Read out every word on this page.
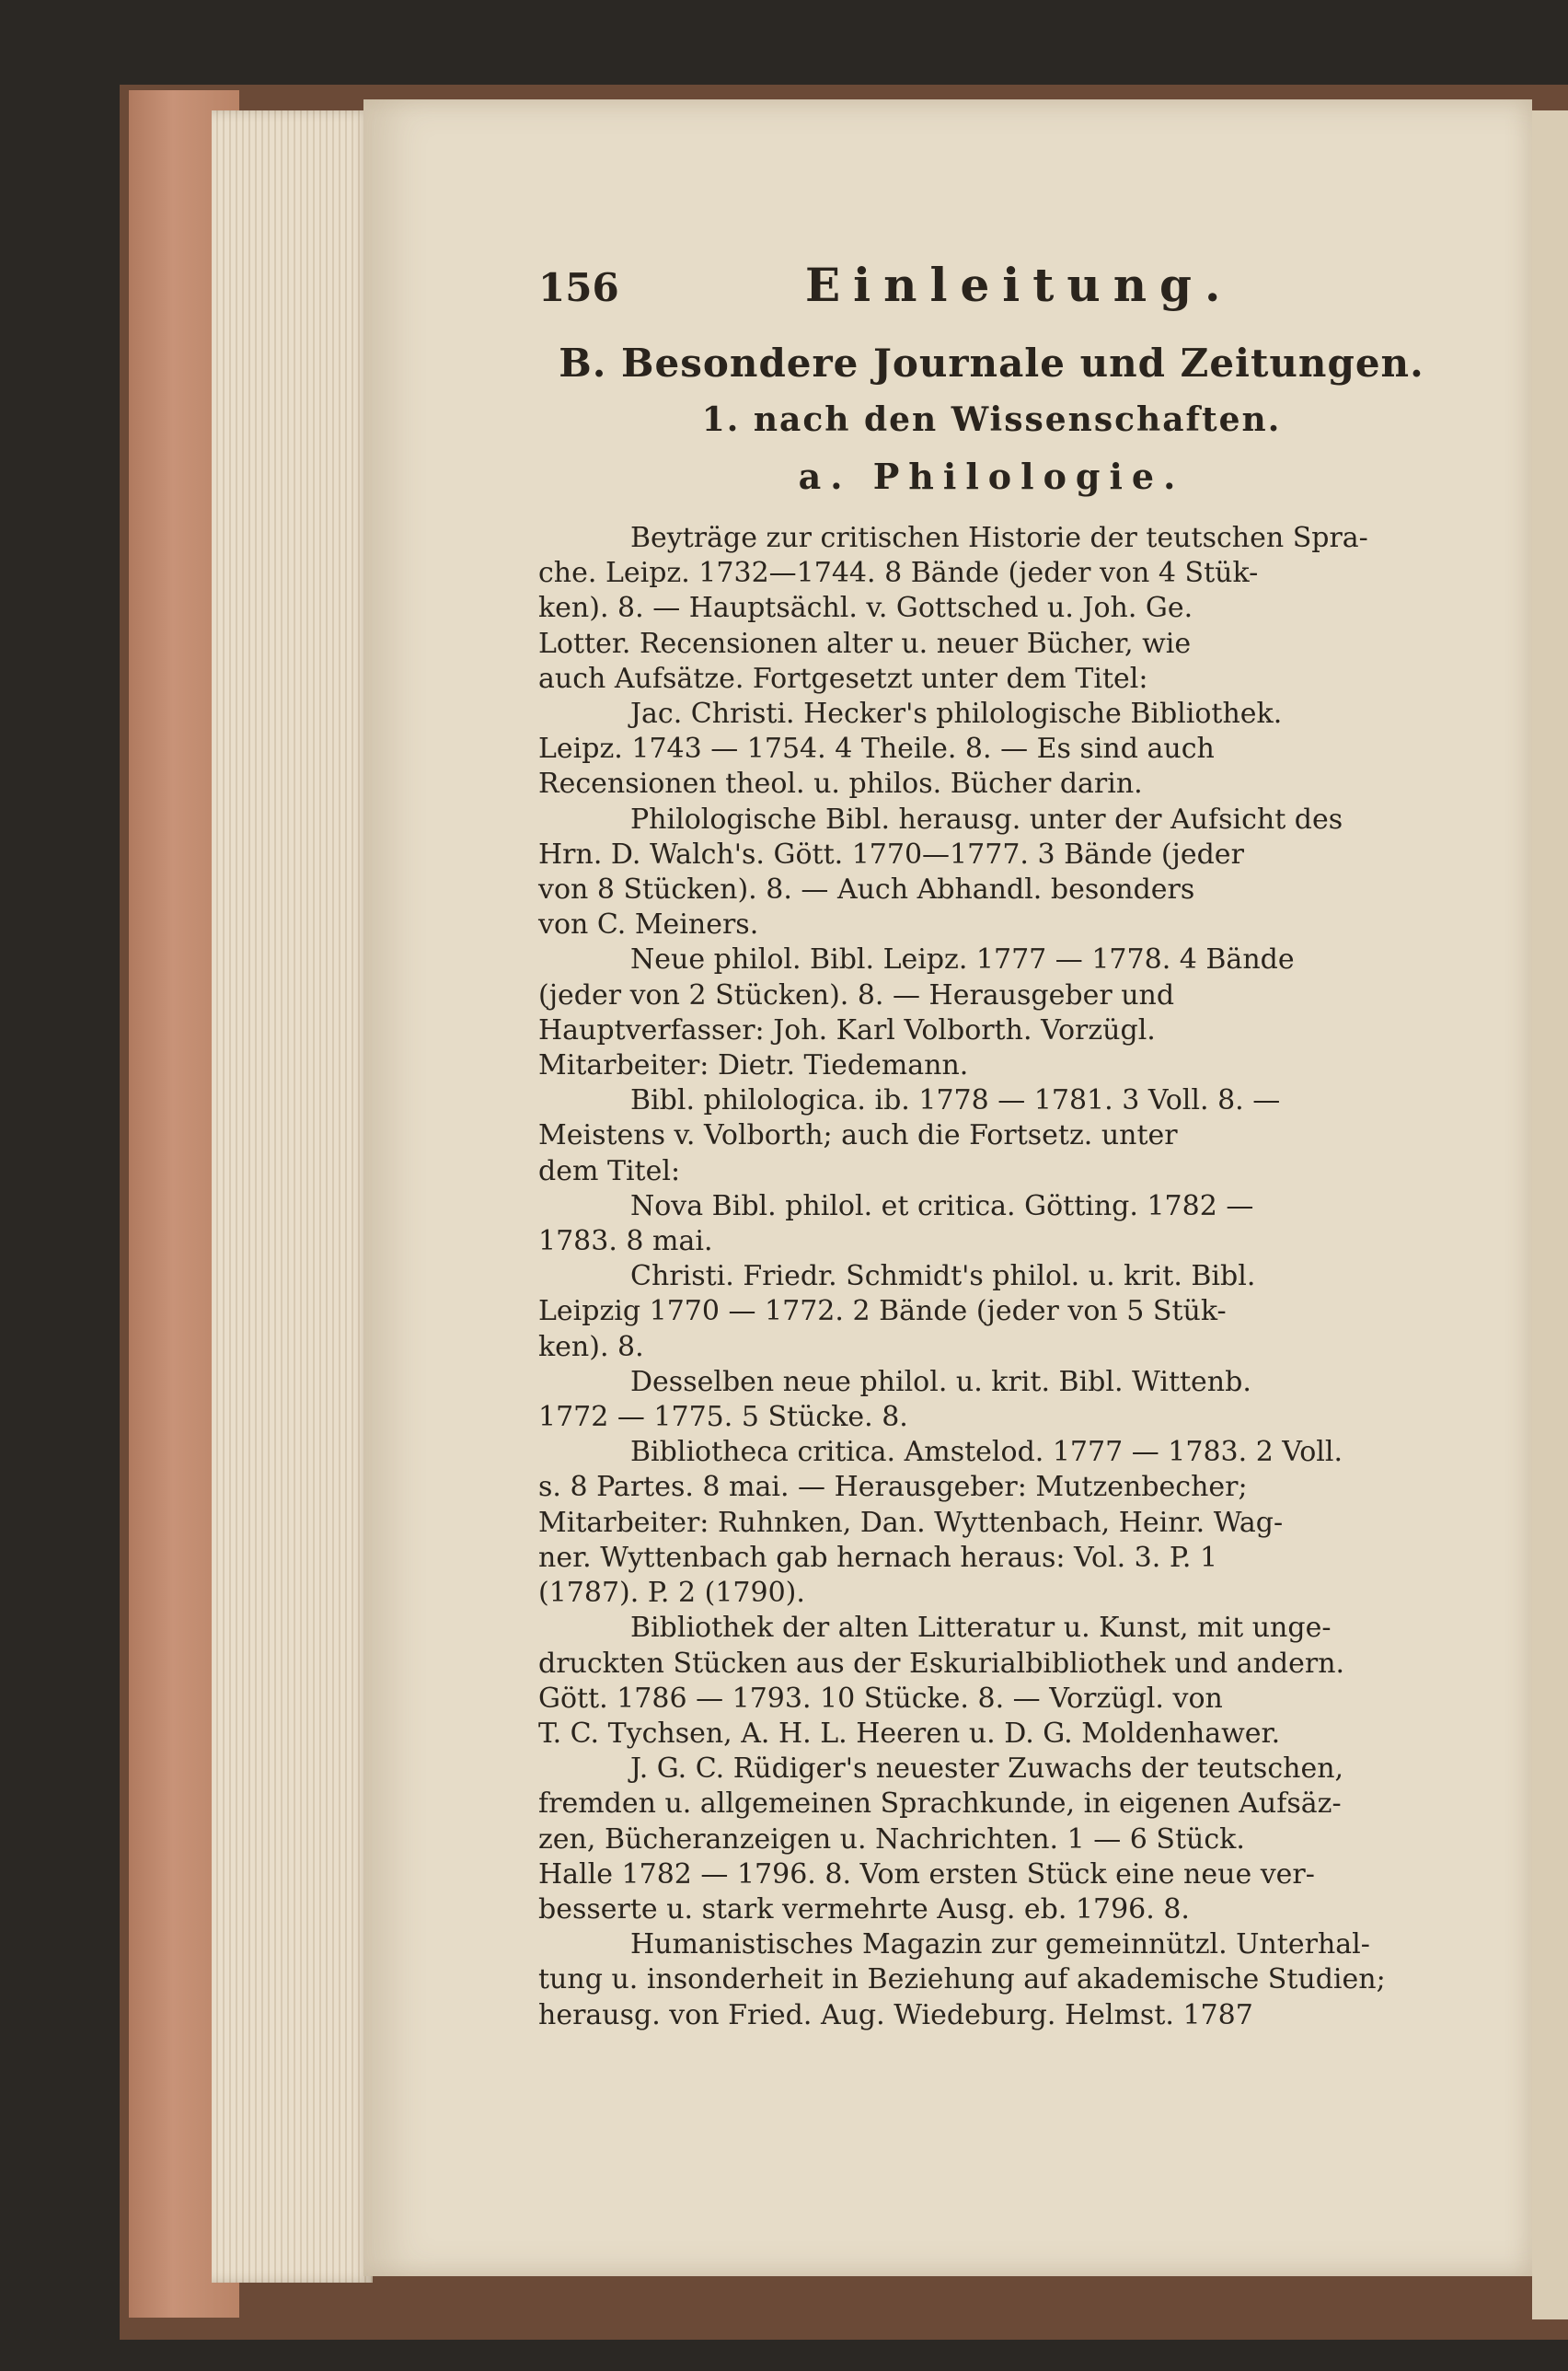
156	Einleitung.
B. Besondere Journale und Zeitungen.
1. nach den Wissenschaften.
a. Philologie.

Beyträge zur critischen Historie der teutschen Spra-
che. Leipz. 1732—1744. 8 Bände (jeder von 4 Stük-
ken). 8. — Hauptsächl. v. Gottsched u. Joh. Ge.
Lotter. Recensionen alter u. neuer Bücher, wie
auch Aufsätze. Fortgesetzt unter dem Titel:

Jac. Christi. Hecker's philologische Bibliothek.
Leipz. 1743 — 1754. 4 Theile. 8. — Es sind auch
Recensionen theol. u. philos. Bücher darin.

Philologische Bibl. herausg. unter der Aufsicht des
Hrn. D. Walch's. Gött. 1770—1777. 3 Bände (jeder
von 8 Stücken). 8. — Auch Abhandl. besonders
von C. Meiners.

Neue philol. Bibl. Leipz. 1777 — 1778. 4 Bände
(jeder von 2 Stücken). 8. — Herausgeber und
Hauptverfasser: Joh. Karl Volborth. Vorzügl.
Mitarbeiter: Dietr. Tiedemann.

Bibl. philologica. ib. 1778 — 1781. 3 Voll. 8. —
Meistens v. Volborth; auch die Fortsetz. unter
dem Titel:

Nova Bibl. philol. et critica. Götting. 1782 —
1783. 8 mai.

Christi. Friedr. Schmidt's philol. u. krit. Bibl.
Leipzig 1770 — 1772. 2 Bände (jeder von 5 Stük-
ken). 8.

Desselben neue philol. u. krit. Bibl. Wittenb.
1772 — 1775. 5 Stücke. 8.

Bibliotheca critica. Amstelod. 1777 — 1783. 2 Voll.
s. 8 Partes. 8 mai. — Herausgeber: Mutzenbecher;
Mitarbeiter: Ruhnken, Dan. Wyttenbach, Heinr. Wag-
ner. Wyttenbach gab hernach heraus: Vol. 3. P. 1
(1787). P. 2 (1790).

Bibliothek der alten Litteratur u. Kunst, mit unge-
druckten Stücken aus der Eskurialbibliothek und andern.
Gött. 1786 — 1793. 10 Stücke. 8. — Vorzügl. von
T. C. Tychsen, A. H. L. Heeren u. D. G. Moldenhawer.

J. G. C. Rüdiger's neuester Zuwachs der teutschen,
fremden u. allgemeinen Sprachkunde, in eigenen Aufsäz-
zen, Bücheranzeigen u. Nachrichten. 1 — 6 Stück.
Halle 1782 — 1796. 8. Vom ersten Stück eine neue ver-
besserte u. stark vermehrte Ausg. eb. 1796. 8.

Humanistisches Magazin zur gemeinnützl. Unterhal-
tung u. insonderheit in Beziehung auf akademische Studien;
herausg. von Fried. Aug. Wiedeburg. Helmst. 1787
